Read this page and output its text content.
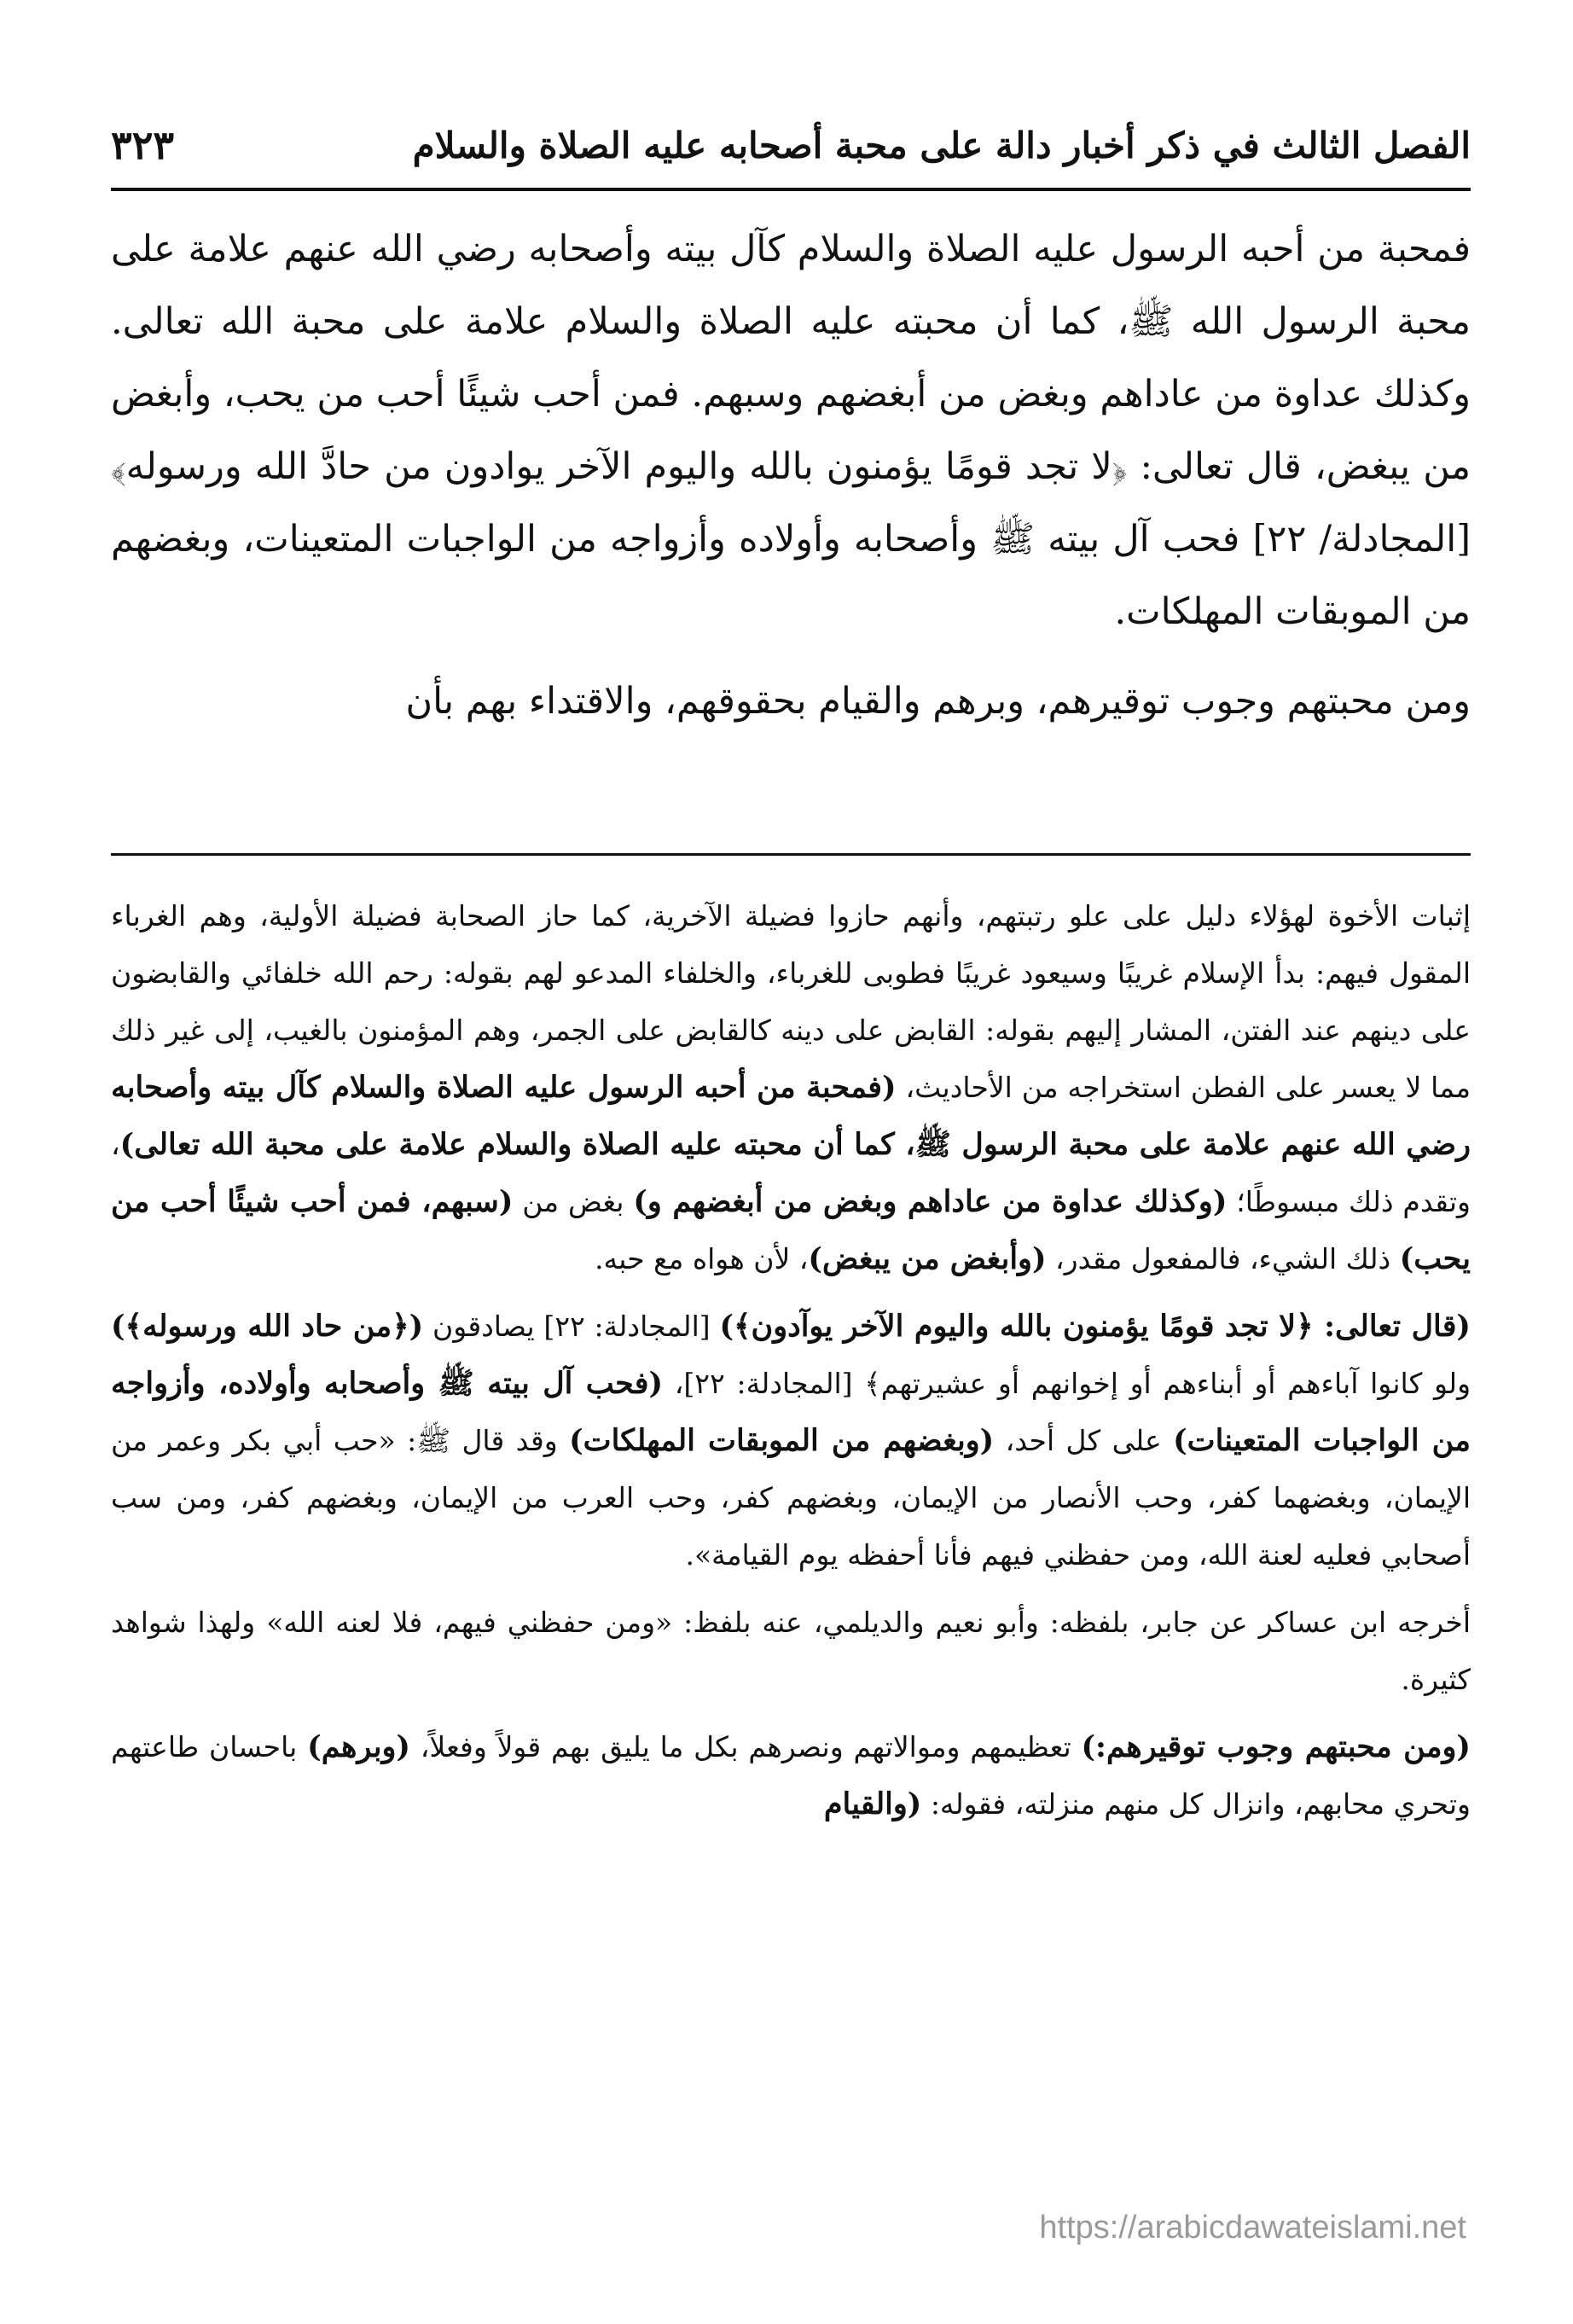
الفصل الثالث في ذكر أخبار دالة على محبة أصحابه عليه الصلاة والسلام
٣٢٣

فمحبة من أحبه الرسول عليه الصلاة والسلام كآل بيته وأصحابه رضي الله عنهم علامة على محبة الرسول الله ﷺ، كما أن محبته عليه الصلاة والسلام علامة على محبة الله تعالى. وكذلك عداوة من عاداهم وبغض من أبغضهم وسبهم. فمن أحب شيئًا أحب من يحب، وأبغض من يبغض، قال تعالى: ﴿لا تجد قومًا يؤمنون بالله واليوم الآخر يوادون من حادَّ الله ورسوله﴾ [المجادلة/ ٢٢] فحب آل بيته ﷺ وأصحابه وأولاده وأزواجه من الواجبات المتعينات، وبغضهم من الموبقات المهلكات.

ومن محبتهم وجوب توقيرهم، وبرهم والقيام بحقوقهم، والاقتداء بهم بأن

إثبات الأخوة لهؤلاء دليل على علو رتبتهم، وأنهم حازوا فضيلة الآخرية، كما حاز الصحابة فضيلة الأولية، وهم الغرباء المقول فيهم: بدأ الإسلام غريبًا وسيعود غريبًا فطوبى للغرباء، والخلفاء المدعو لهم بقوله: رحم الله خلفائي والقابضون على دينهم عند الفتن، المشار إليهم بقوله: القابض على دينه كالقابض على الجمر، وهم المؤمنون بالغيب، إلى غير ذلك مما لا يعسر على الفطن استخراجه من الأحاديث، (فمحبة من أحبه الرسول عليه الصلاة والسلام كآل بيته وأصحابه رضي الله عنهم علامة على محبة الرسول ﷺ، كما أن محبته عليه الصلاة والسلام علامة على محبة الله تعالى)، وتقدم ذلك مبسوطًا؛ (وكذلك عداوة من عاداهم وبغض من أبغضهم و) بغض من (سبهم، فمن أحب شيئًا أحب من يحب) ذلك الشيء، فالمفعول مقدر، (وأبغض من يبغض)، لأن هواه مع حبه.

(قال تعالى: ﴿لا تجد قومًا يؤمنون بالله واليوم الآخر يوآدون﴾) [المجادلة: ٢٢] يصادقون (﴿من حاد الله ورسوله﴾) ولو كانوا آباءهم أو أبناءهم أو إخوانهم أو عشيرتهم﴾ [المجادلة: ٢٢]، (فحب آل بيته ﷺ وأصحابه وأولاده، وأزواجه من الواجبات المتعينات) على كل أحد، (وبغضهم من الموبقات المهلكات) وقد قال ﷺ: «حب أبي بكر وعمر من الإيمان، وبغضهما كفر، وحب الأنصار من الإيمان، وبغضهم كفر، وحب العرب من الإيمان، وبغضهم كفر، ومن سب أصحابي فعليه لعنة الله، ومن حفظني فيهم فأنا أحفظه يوم القيامة».

أخرجه ابن عساكر عن جابر، بلفظه: وأبو نعيم والديلمي، عنه بلفظ: «ومن حفظني فيهم، فلا لعنه الله» ولهذا شواهد كثيرة.

(ومن محبتهم وجوب توقيرهم:) تعظيمهم وموالاتهم ونصرهم بكل ما يليق بهم قولاً وفعلاً، (وبرهم) باحسان طاعتهم وتحري محابهم، وانزال كل منهم منزلته، فقوله: (والقيام

https://arabicdawateislami.net
